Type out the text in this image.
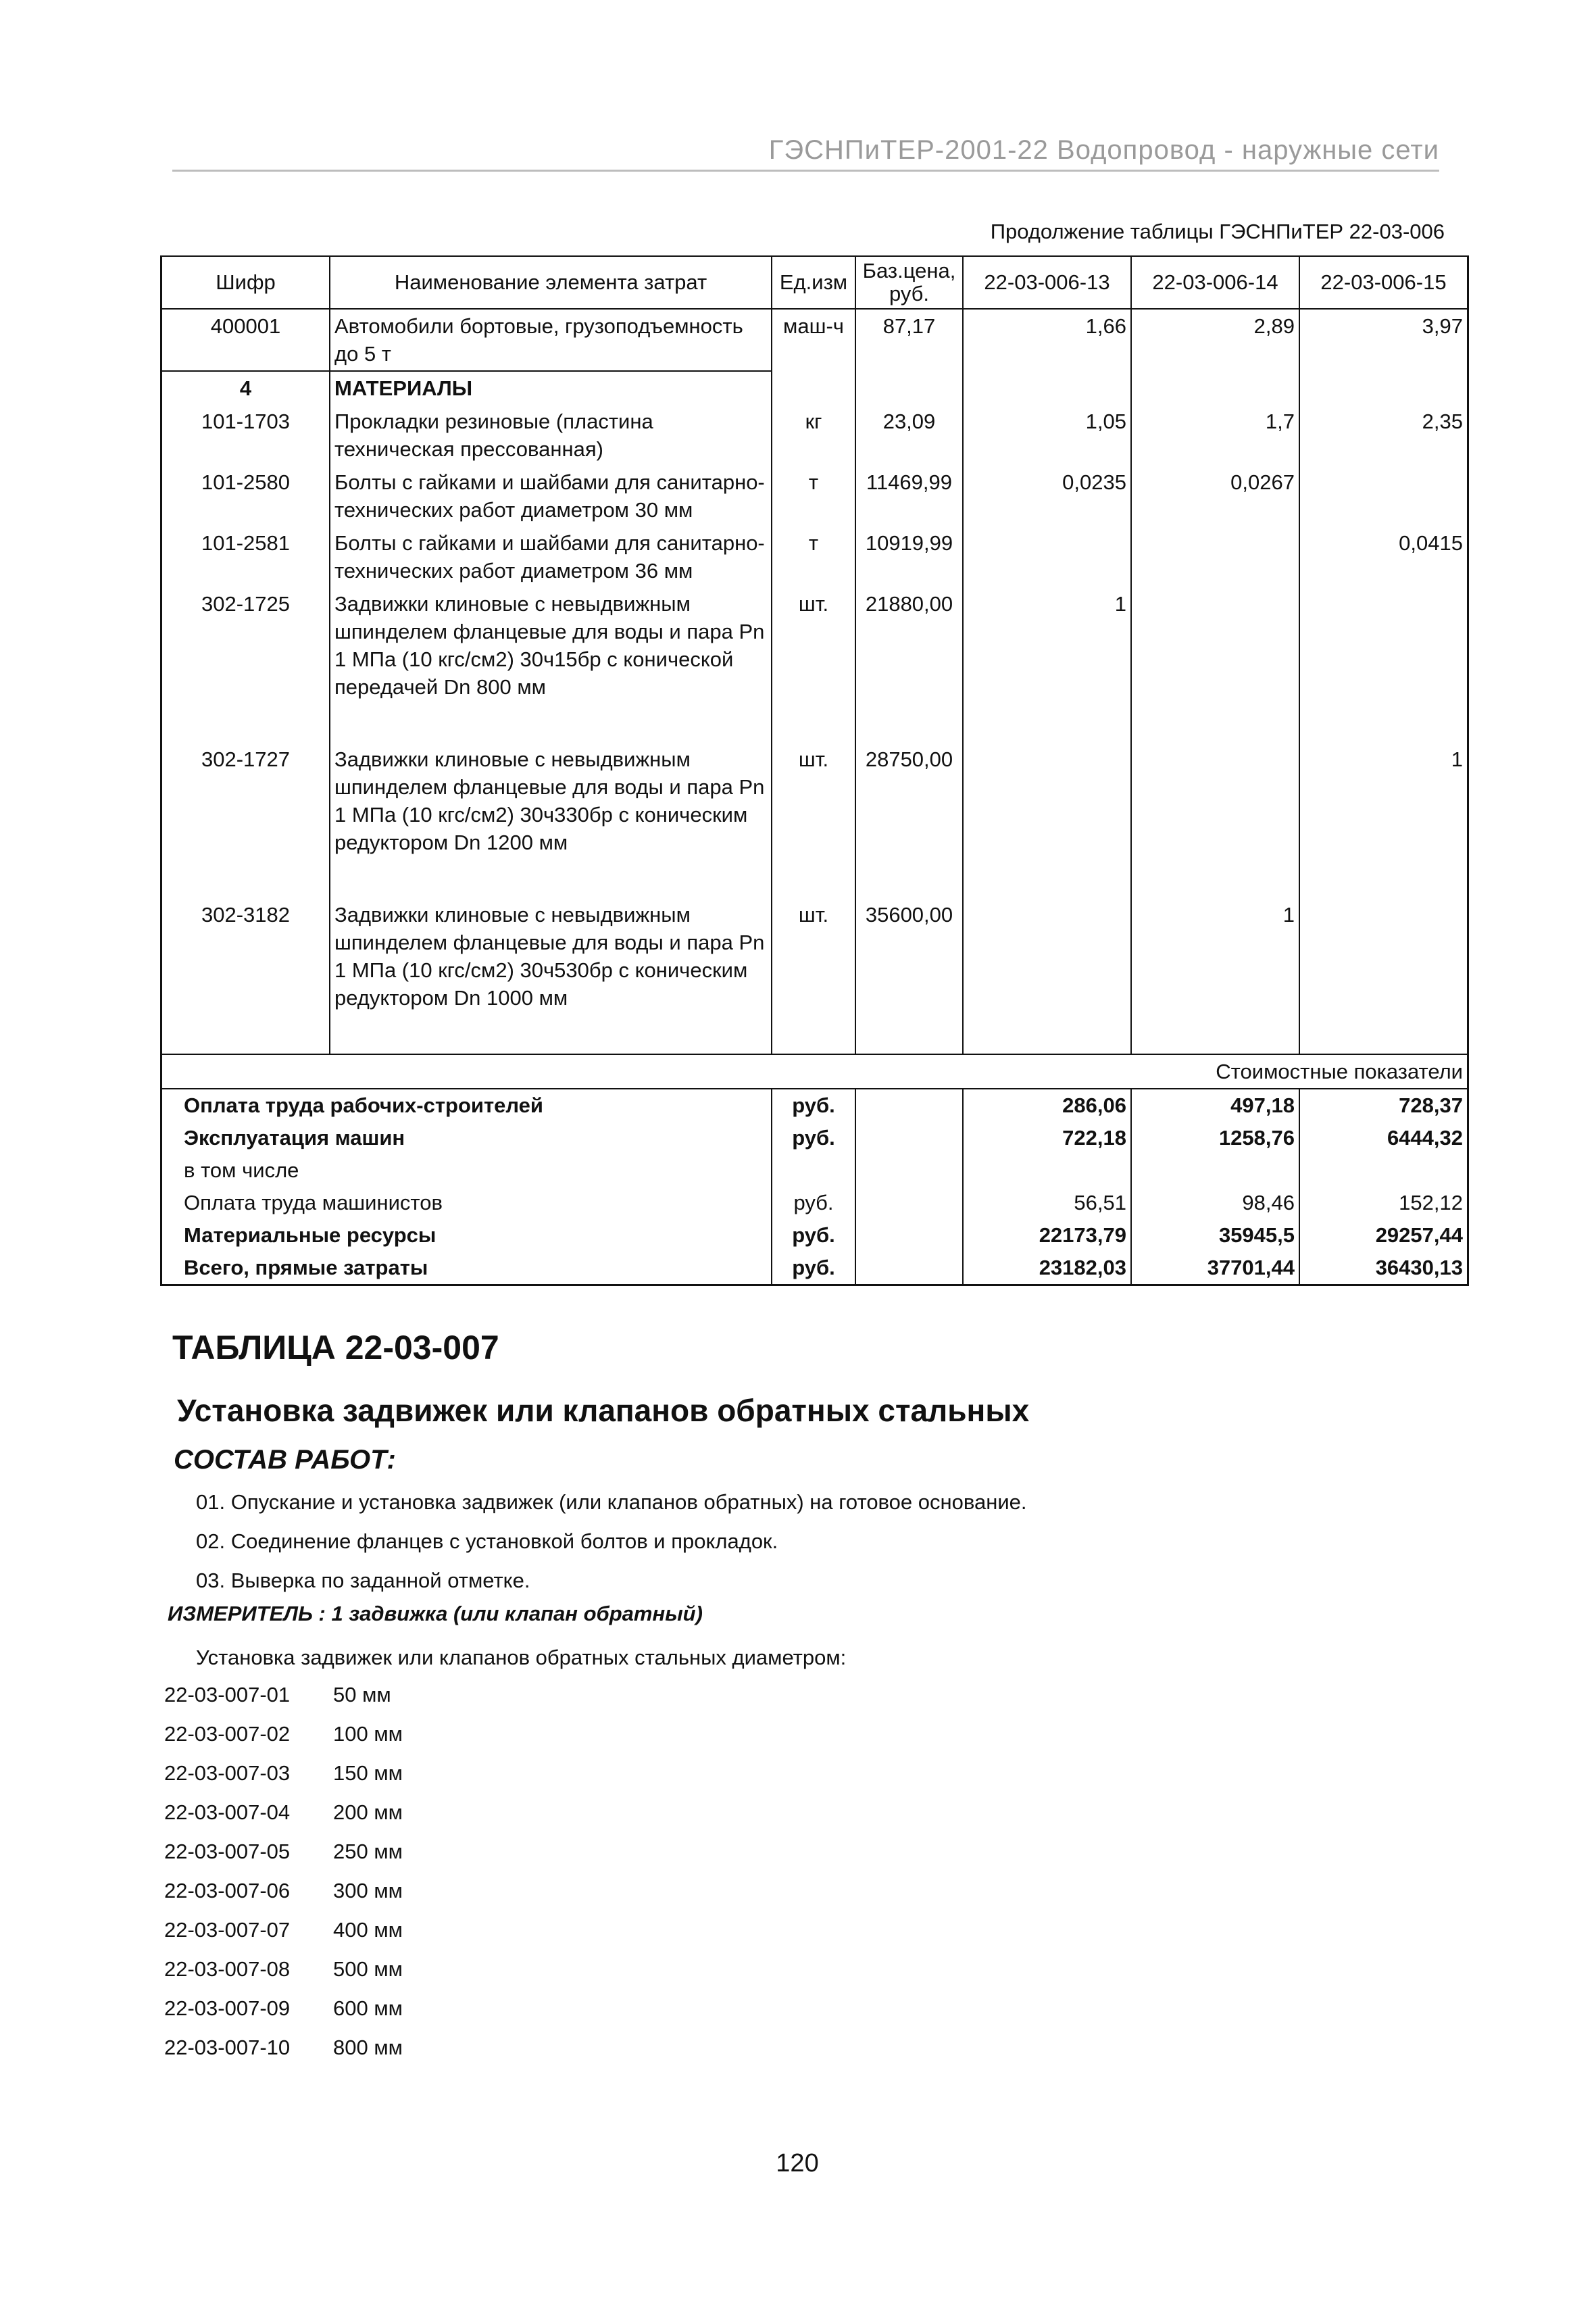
ГЭСНПиТЕР-2001-22 Водопровод - наружные сети
Продолжение таблицы ГЭСНПиТЕР 22-03-006
Шифр	Наименование элемента затрат	Ед.изм	Баз.цена, руб.	22-03-006-13	22-03-006-14	22-03-006-15
400001	Автомобили бортовые, грузоподъемность до 5 т	маш-ч	87,17	1,66	2,89	3,97
4	МАТЕРИАЛЫ					
101-1703	Прокладки резиновые (пластина техническая прессованная)	кг	23,09	1,05	1,7	2,35
101-2580	Болты с гайками и шайбами для санитарно-технических работ диаметром 30 мм	т	11469,99	0,0235	0,0267	
101-2581	Болты с гайками и шайбами для санитарно-технических работ диаметром 36 мм	т	10919,99			0,0415
302-1725	Задвижки клиновые с невыдвижным шпинделем фланцевые для воды и пара Pn 1 МПа (10 кгс/см2) 30ч15бр с конической передачей Dn 800 мм	шт.	21880,00	1		

302-1727	Задвижки клиновые с невыдвижным шпинделем фланцевые для воды и пара Pn 1 МПа (10 кгс/см2) 30ч330бр с коническим редуктором Dn 1200 мм	шт.	28750,00			1

302-3182	Задвижки клиновые с невыдвижным шпинделем фланцевые для воды и пара Pn 1 МПа (10 кгс/см2) 30ч530бр с коническим редуктором Dn 1000 мм	шт.	35600,00		1	

Стоимостные показатели						
Оплата труда рабочих-строителей		руб.		286,06	497,18	728,37
Эксплуатация машин		руб.		722,18	1258,76	6444,32
в том числе						
Оплата труда машинистов		руб.		56,51	98,46	152,12
Материальные ресурсы		руб.		22173,79	35945,5	29257,44
Всего, прямые затраты		руб.		23182,03	37701,44	36430,13
ТАБЛИЦА 22-03-007
Установка задвижек или клапанов обратных стальных
СОСТАВ РАБОТ:
01. Опускание и установка задвижек (или клапанов обратных) на готовое основание.
02. Соединение фланцев с установкой болтов и прокладок.
03. Выверка по заданной отметке.
ИЗМЕРИТЕЛЬ : 1 задвижка (или клапан обратный)
Установка задвижек или клапанов обратных стальных диаметром:
22-03-007-01	50 мм
22-03-007-02	100 мм
22-03-007-03	150 мм
22-03-007-04	200 мм
22-03-007-05	250 мм
22-03-007-06	300 мм
22-03-007-07	400 мм
22-03-007-08	500 мм
22-03-007-09	600 мм
22-03-007-10	800 мм
120
